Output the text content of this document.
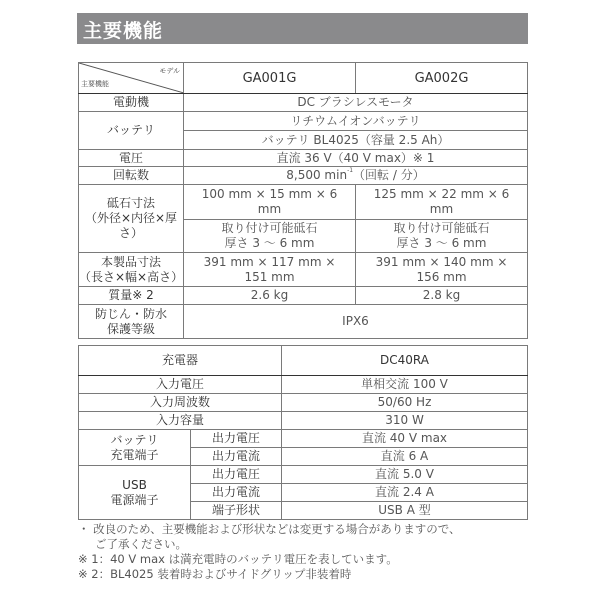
主要機能
モデル
主要機能	GA001G	GA002G
電動機	DC ブラシレスモータ	
バッテリ	リチウムイオンバッテリ	
	バッテリ BL4025（容量 2.5 Ah）	
電圧	直流 36 V（40 V max）※ 1	
回転数	8,500 $\min^{-1}$（回転 / 分）	

砥石寸法
（外径×内径×厚さ）	100 mm × 15 mm × 6 mm	125 mm × 22 mm × 6 mm
	取り付け可能砥石 厚さ 3 ～ 6 mm	取り付け可能砥石 厚さ 3 ～ 6 mm

本製品寸法
（長さ×幅×高さ）	391 mm × 117 mm × 151 mm	391 mm × 140 mm × 156 mm
質量※ 2	2.6 kg	2.8 kg

防じん・防水
保護等級	IPX6	
充電器		DC40RA
入力電圧		単相交流 100 V
入力周波数		50/60 Hz
入力容量		310 W

バッテリ
充電端子	出力電圧	直流 40 V max
	出力電流	直流 6 A

USB
電源端子	出力電圧	直流 5.0 V
	出力電流	直流 2.4 A
	端子形状	USB A 型
・ 改良のため、主要機能および形状などは変更する場合がありますので、
ご了承ください。
※ 1：40 V max は満充電時のバッテリ電圧を表しています。
※ 2：BL4025 装着時およびサイドグリップ非装着時
